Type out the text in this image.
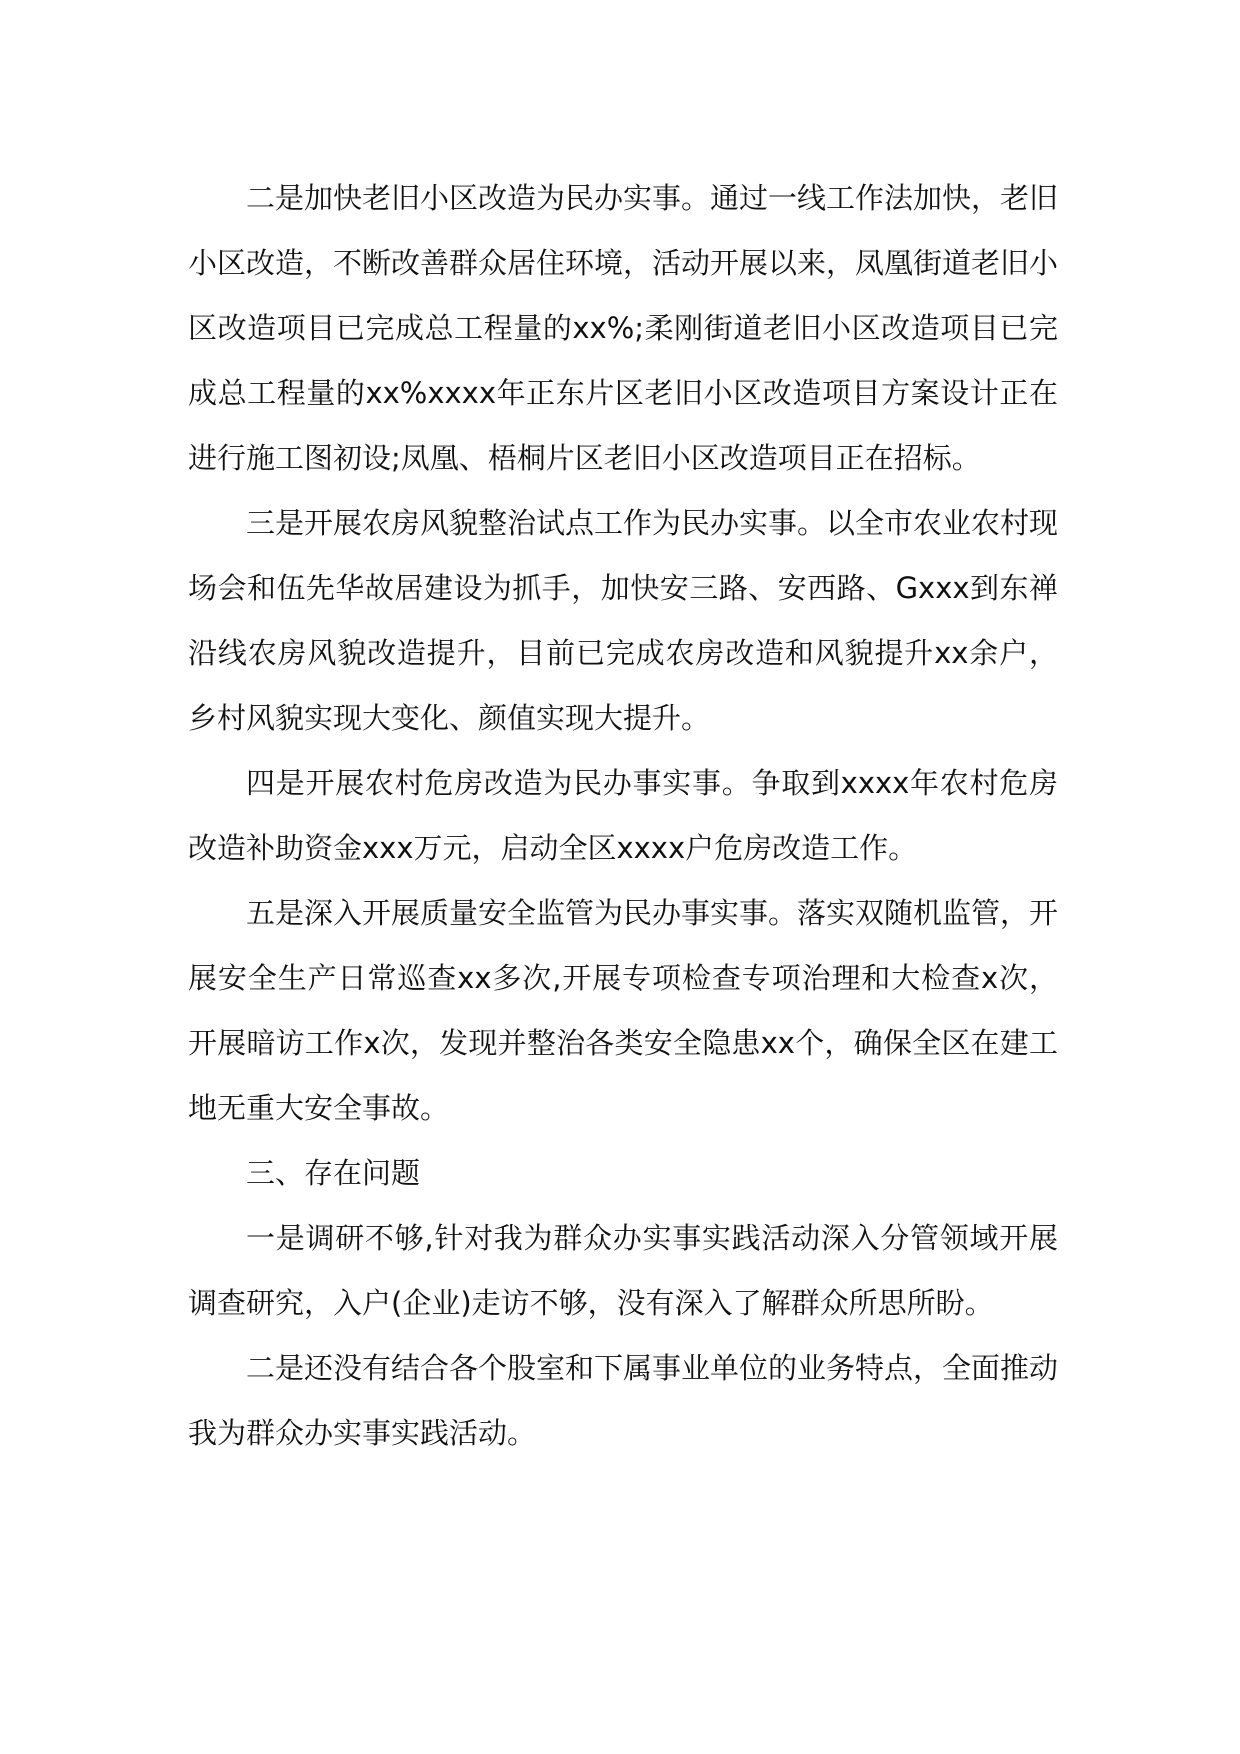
二是加快老旧小区改造为民办实事。通过一线工作法加快，老旧小区改造，不断改善群众居住环境，活动开展以来，凤凰街道老旧小区改造项目已完成总工程量的xx%;柔刚街道老旧小区改造项目已完成总工程量的xx%xxxx年正东片区老旧小区改造项目方案设计正在进行施工图初设;凤凰、梧桐片区老旧小区改造项目正在招标。

三是开展农房风貌整治试点工作为民办实事。以全市农业农村现场会和伍先华故居建设为抓手，加快安三路、安西路、Gxxx到东禅沿线农房风貌改造提升，目前已完成农房改造和风貌提升xx余户，乡村风貌实现大变化、颜值实现大提升。

四是开展农村危房改造为民办事实事。争取到xxxx年农村危房改造补助资金xxx万元，启动全区xxxx户危房改造工作。

五是深入开展质量安全监管为民办事实事。落实双随机监管，开展安全生产日常巡查xx多次,开展专项检查专项治理和大检查x次，开展暗访工作x次，发现并整治各类安全隐患xx个，确保全区在建工地无重大安全事故。

三、存在问题

一是调研不够,针对我为群众办实事实践活动深入分管领域开展调查研究，入户(企业)走访不够，没有深入了解群众所思所盼。

二是还没有结合各个股室和下属事业单位的业务特点，全面推动我为群众办实事实践活动。
